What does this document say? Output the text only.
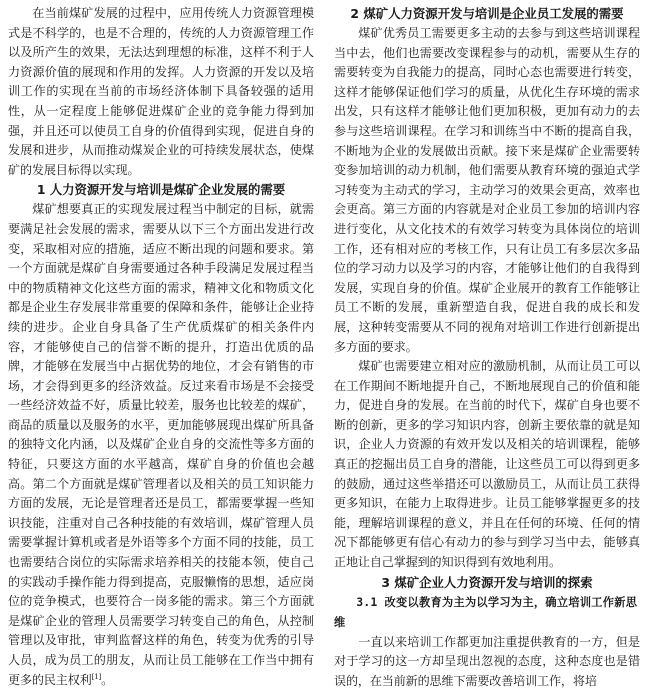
在当前煤矿发展的过程中，应用传统人力资源管理模式是不科学的，也是不合理的，传统的人力资源管理工作以及所产生的效果，无法达到理想的标准，这样不利于人力资源价值的展现和作用的发挥。人力资源的开发以及培训工作的实现在当前的市场经济体制下具备较强的适用性，从一定程度上能够促进煤矿企业的竞争能力得到加强，并且还可以使员工自身的价值得到实现，促进自身的发展和进步，从而推动煤炭企业的可持续发展状态，使煤矿的发展目标得以实现。

1 人力资源开发与培训是煤矿企业发展的需要

煤矿想要真正的实现发展过程当中制定的目标，就需要满足社会发展的需求，需要从以下三个方面出发进行改变，采取相对应的措施，适应不断出现的问题和要求。第一个方面就是煤矿自身需要通过各种手段满足发展过程当中的物质精神文化这些方面的需求，精神文化和物质文化都是企业生存发展非常重要的保障和条件，能够让企业持续的进步。企业自身具备了生产优质煤矿的相关条件内容，才能够使自己的信誉不断的提升，打造出优质的品牌，才能够在发展当中占据优势的地位，才会有销售的市场，才会得到更多的经济效益。反过来看市场是不会接受一些经济效益不好，质量比较差，服务也比较差的煤矿，商品的质量以及服务的水平，更加能够展现出煤矿所具备的独特文化内涵，以及煤矿企业自身的交流性等多方面的特征，只要这方面的水平越高，煤矿自身的价值也会越高。第二个方面就是煤矿管理者以及相关的员工知识能力方面的发展，无论是管理者还是员工，都需要掌握一些知识技能，注重对自己各种技能的有效培训，煤矿管理人员需要掌握计算机或者是外语等多个方面不同的技能，员工也需要结合岗位的实际需求培养相关的技能本领，使自己的实践动手操作能力得到提高，克服懒惰的思想，适应岗位的竞争模式，也要符合一岗多能的需求。第三个方面就是煤矿企业的管理人员需要学习转变自己的角色，从控制管理以及审批，审判监督这样的角色，转变为优秀的引导人员，成为员工的朋友，从而让员工能够在工作当中拥有更多的民主权利[1]。

2 煤矿人力资源开发与培训是企业员工发展的需要

煤矿优秀员工需要更多主动的去参与到这些培训课程当中去，他们也需要改变课程参与的动机，需要从生存的需要转变为自我能力的提高，同时心态也需要进行转变，这样才能够保证他们学习的质量，从优化生存环境的需求出发，只有这样才能够让他们更加积极，更加有动力的去参与这些培训课程。在学习和训练当中不断的提高自我，不断地为企业的发展做出贡献。接下来是煤矿企业需要转变参加培训的动力机制，他们需要从教育环境的强迫式学习转变为主动式的学习，主动学习的效果会更高，效率也会更高。第三方面的内容就是对企业员工参加的培训内容进行变化，从文化技术的有效学习转变为具体岗位的培训工作，还有相对应的考核工作，只有让员工有多层次多品位的学习动力以及学习的内容，才能够让他们的自我得到发展，实现自身的价值。煤矿企业展开的教育工作能够让员工不断的发展，重新塑造自我，促进自我的成长和发展，这种转变需要从不同的视角对培训工作进行创新提出多方面的要求。

煤矿也需要建立相对应的激励机制，从而让员工可以在工作期间不断地提升自己，不断地展现自己的价值和能力，促进自身的发展。在当前的时代下，煤矿自身也要不断的创新，更多的学习知识内容，创新主要依靠的就是知识，企业人力资源的有效开发以及相关的培训课程，能够真正的挖掘出员工自身的潜能，让这些员工可以得到更多的鼓励，通过这些举措还可以激励员工，从而让员工获得更多知识，在能力上取得进步。让员工能够掌握更多的技能，理解培训课程的意义，并且在任何的环境、任何的情况下都能够更有信心有动力的参与到学习当中去，能够真正地让自己掌握到的知识得到有效地利用。

3 煤矿企业人力资源开发与培训的探索
3.1 改变以教育为主为以学习为主，确立培训工作新思维

一直以来培训工作都更加注重提供教育的一方，但是对于学习的这一方却呈现出忽视的态度，这种态度也是错误的，在当前新的思维下需要改善培训工作，将培
